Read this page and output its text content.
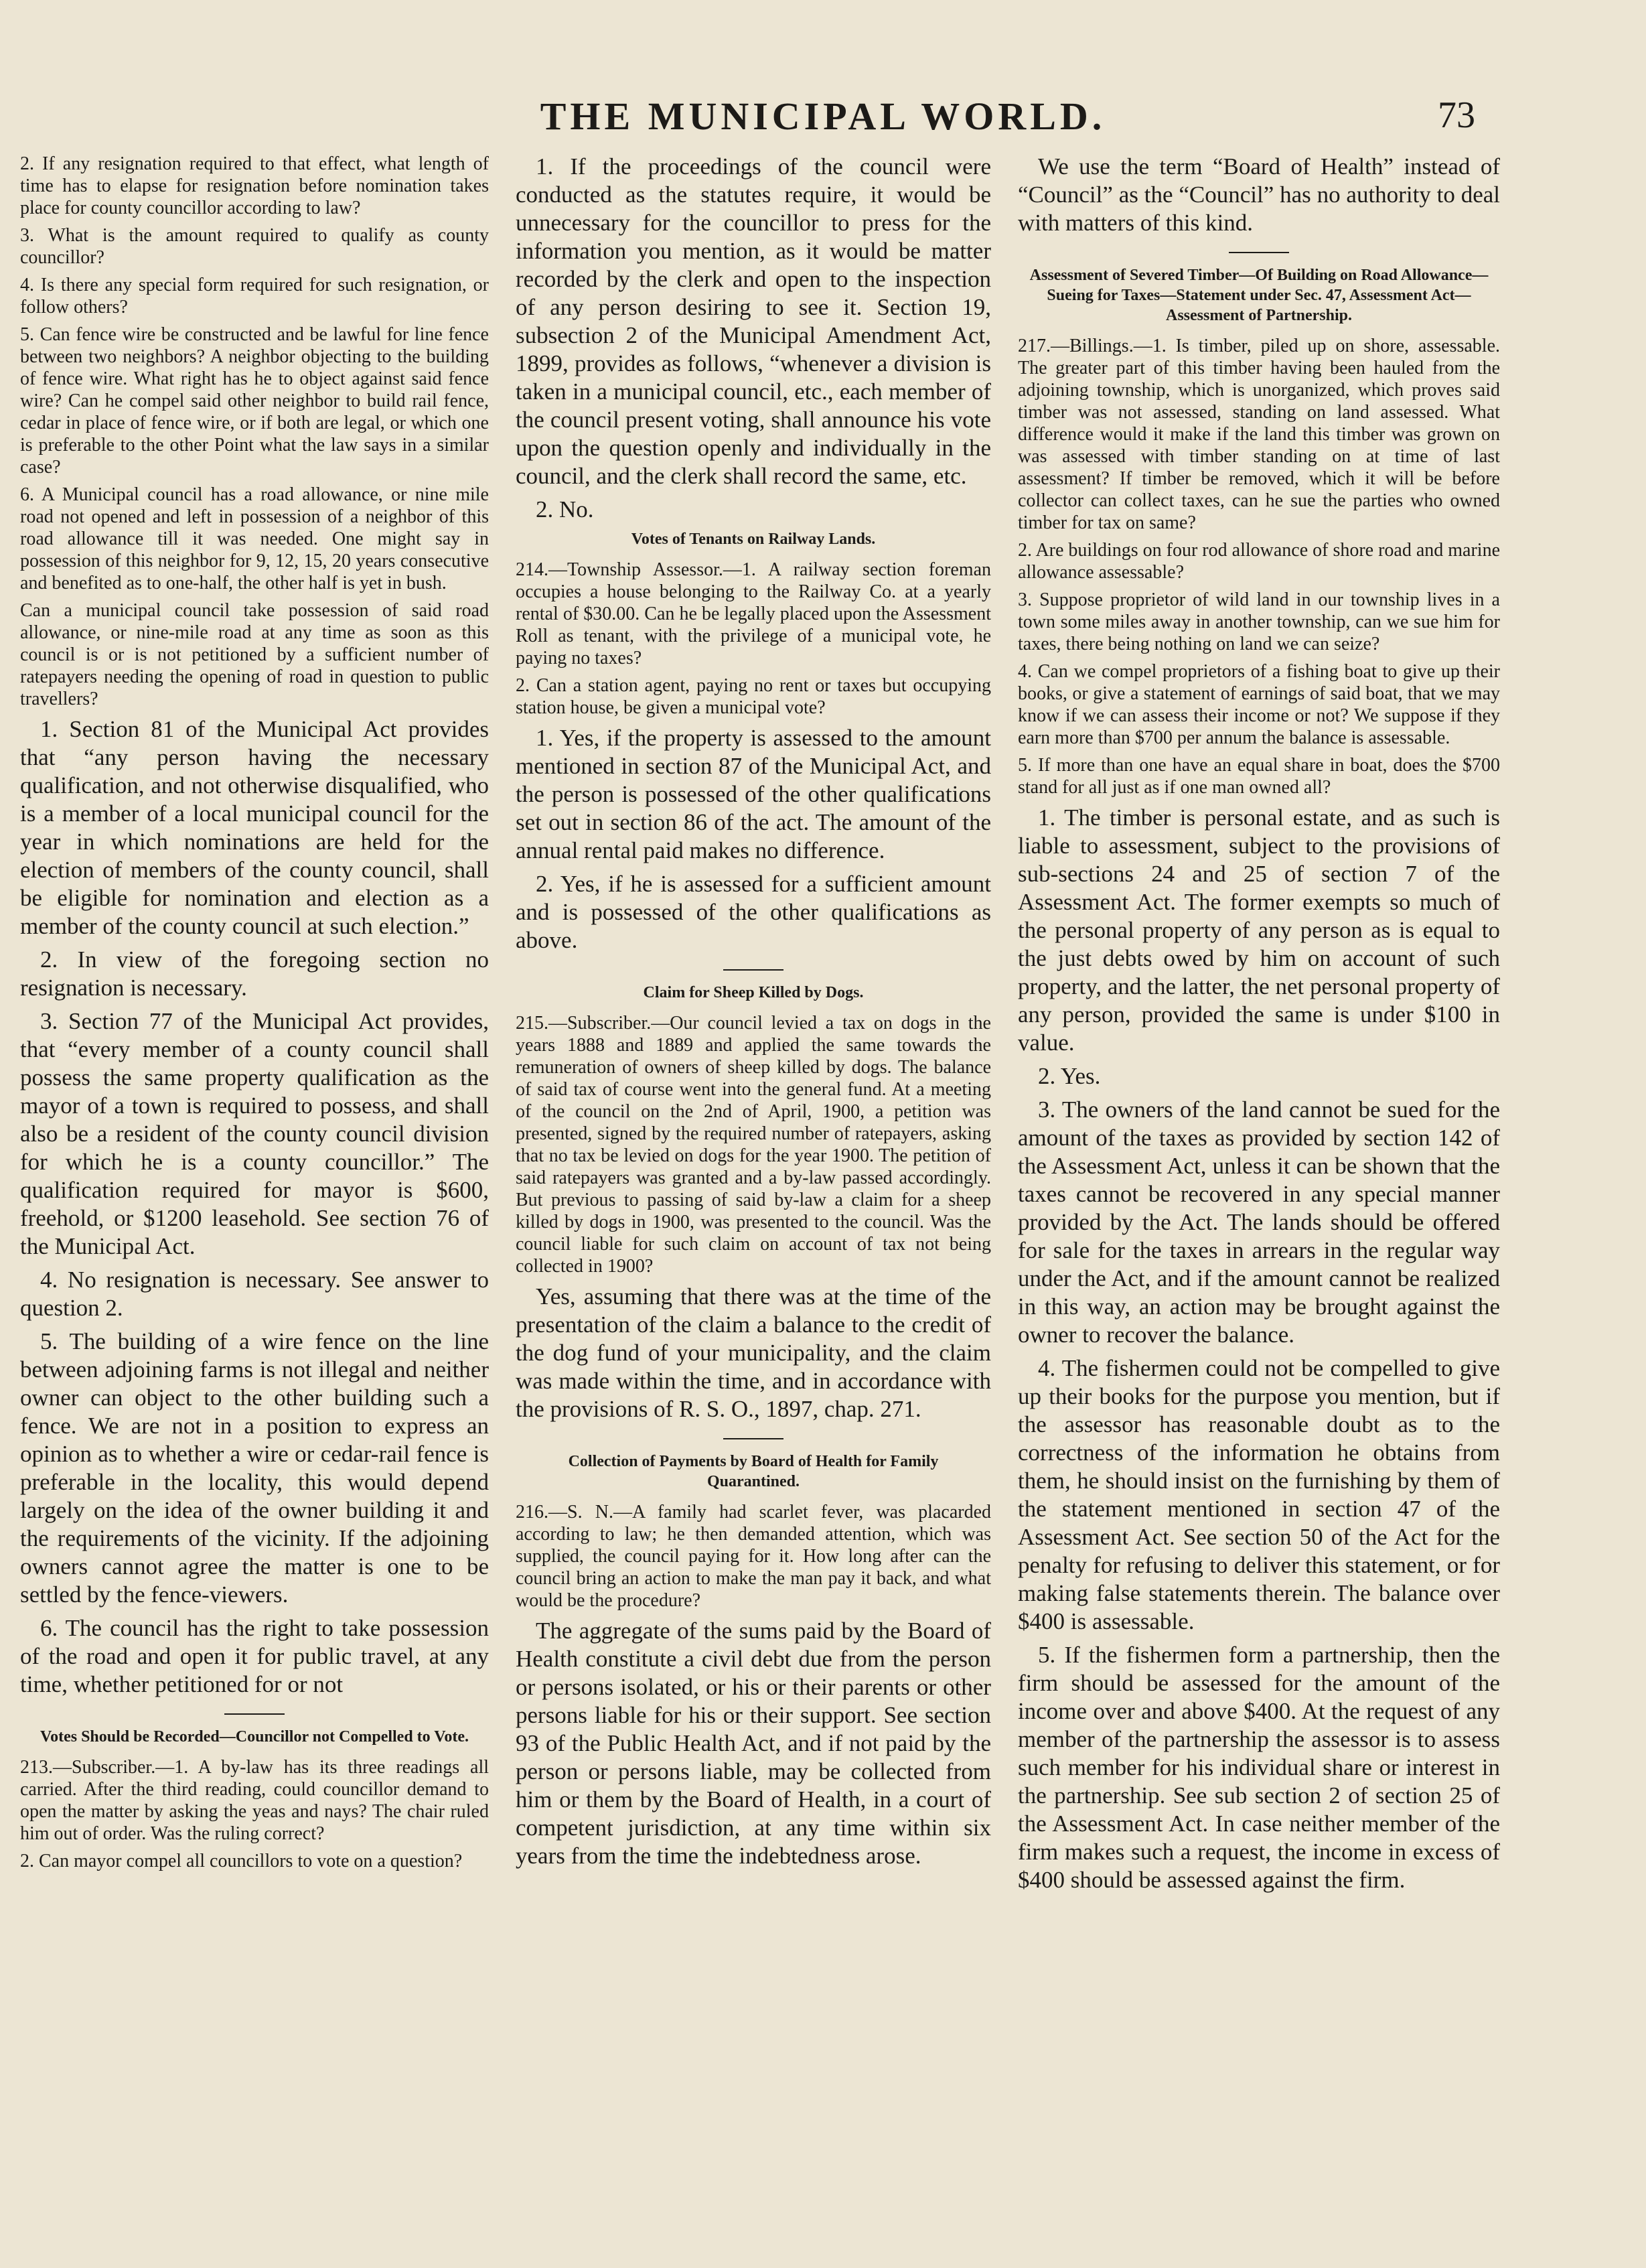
THE MUNICIPAL WORLD.	73

2. If any resignation required to that effect, what length of time has to elapse for resignation before nomination takes place for county councillor according to law?

3. What is the amount required to qualify as county councillor?

4. Is there any special form required for such resignation, or follow others?

5. Can fence wire be constructed and be lawful for line fence between two neighbors? A neighbor objecting to the building of fence wire. What right has he to object against said fence wire? Can he compel said other neighbor to build rail fence, cedar in place of fence wire, or if both are legal, or which one is preferable to the other Point what the law says in a similar case?

6. A Municipal council has a road allowance, or nine mile road not opened and left in possession of a neighbor of this road allowance till it was needed. One might say in possession of this neighbor for 9, 12, 15, 20 years consecutive and benefited as to one-half, the other half is yet in bush.

Can a municipal council take possession of said road allowance, or nine-mile road at any time as soon as this council is or is not petitioned by a sufficient number of ratepayers needing the opening of road in question to public travellers?

1. Section 81 of the Municipal Act provides that “any person having the necessary qualification, and not otherwise disqualified, who is a member of a local municipal council for the year in which nominations are held for the election of members of the county council, shall be eligible for nomination and election as a member of the county council at such election.”

2. In view of the foregoing section no resignation is necessary.

3. Section 77 of the Municipal Act provides, that “every member of a county council shall possess the same property qualification as the mayor of a town is required to possess, and shall also be a resident of the county council division for which he is a county councillor.” The qualification required for mayor is $600, freehold, or $1200 leasehold. See section 76 of the Municipal Act.

4. No resignation is necessary. See answer to question 2.

5. The building of a wire fence on the line between adjoining farms is not illegal and neither owner can object to the other building such a fence. We are not in a position to express an opinion as to whether a wire or cedar-rail fence is preferable in the locality, this would depend largely on the idea of the owner building it and the requirements of the vicinity. If the adjoining owners cannot agree the matter is one to be settled by the fence-viewers.

6. The council has the right to take possession of the road and open it for public travel, at any time, whether petitioned for or not

Votes Should be Recorded—Councillor not Compelled to Vote.

213.—Subscriber.—1. A by-law has its three readings all carried. After the third reading, could councillor demand to open the matter by asking the yeas and nays? The chair ruled him out of order. Was the ruling correct?

2. Can mayor compel all councillors to vote on a question?

1. If the proceedings of the council were conducted as the statutes require, it would be unnecessary for the councillor to press for the information you mention, as it would be matter recorded by the clerk and open to the inspection of any person desiring to see it. Section 19, subsection 2 of the Municipal Amendment Act, 1899, provides as follows, “whenever a division is taken in a municipal council, etc., each member of the council present voting, shall announce his vote upon the question openly and individually in the council, and the clerk shall record the same, etc.

2. No.

Votes of Tenants on Railway Lands.

214.—Township Assessor.—1. A railway section foreman occupies a house belonging to the Railway Co. at a yearly rental of $30.00. Can he be legally placed upon the Assessment Roll as tenant, with the privilege of a municipal vote, he paying no taxes?

2. Can a station agent, paying no rent or taxes but occupying station house, be given a municipal vote?

1. Yes, if the property is assessed to the amount mentioned in section 87 of the Municipal Act, and the person is possessed of the other qualifications set out in section 86 of the act. The amount of the annual rental paid makes no difference.

2. Yes, if he is assessed for a sufficient amount and is possessed of the other qualifications as above.

Claim for Sheep Killed by Dogs.

215.—Subscriber.—Our council levied a tax on dogs in the years 1888 and 1889 and applied the same towards the remuneration of owners of sheep killed by dogs. The balance of said tax of course went into the general fund. At a meeting of the council on the 2nd of April, 1900, a petition was presented, signed by the required number of ratepayers, asking that no tax be levied on dogs for the year 1900. The petition of said ratepayers was granted and a by-law passed accordingly. But previous to passing of said by-law a claim for a sheep killed by dogs in 1900, was presented to the council. Was the council liable for such claim on account of tax not being collected in 1900?

Yes, assuming that there was at the time of the presentation of the claim a balance to the credit of the dog fund of your municipality, and the claim was made within the time, and in accordance with the provisions of R. S. O., 1897, chap. 271.

Collection of Payments by Board of Health for Family Quarantined.

216.—S. N.—A family had scarlet fever, was placarded according to law; he then demanded attention, which was supplied, the council paying for it. How long after can the council bring an action to make the man pay it back, and what would be the procedure?

The aggregate of the sums paid by the Board of Health constitute a civil debt due from the person or persons isolated, or his or their parents or other persons liable for his or their support. See section 93 of the Public Health Act, and if not paid by the person or persons liable, may be collected from him or them by the Board of Health, in a court of competent jurisdiction, at any time within six years from the time the indebtedness arose.

We use the term “Board of Health” instead of “Council” as the “Council” has no authority to deal with matters of this kind.

Assessment of Severed Timber—Of Building on Road Allowance—Sueing for Taxes—Statement under Sec. 47, Assessment Act—Assessment of Partnership.

217.—Billings.—1. Is timber, piled up on shore, assessable. The greater part of this timber having been hauled from the adjoining township, which is unorganized, which proves said timber was not assessed, standing on land assessed. What difference would it make if the land this timber was grown on was assessed with timber standing on at time of last assessment? If timber be removed, which it will be before collector can collect taxes, can he sue the parties who owned timber for tax on same?

2. Are buildings on four rod allowance of shore road and marine allowance assessable?

3. Suppose proprietor of wild land in our township lives in a town some miles away in another township, can we sue him for taxes, there being nothing on land we can seize?

4. Can we compel proprietors of a fishing boat to give up their books, or give a statement of earnings of said boat, that we may know if we can assess their income or not? We suppose if they earn more than $700 per annum the balance is assessable.

5. If more than one have an equal share in boat, does the $700 stand for all just as if one man owned all?

1. The timber is personal estate, and as such is liable to assessment, subject to the provisions of sub-sections 24 and 25 of section 7 of the Assessment Act. The former exempts so much of the personal property of any person as is equal to the just debts owed by him on account of such property, and the latter, the net personal property of any person, provided the same is under $100 in value.

2. Yes.

3. The owners of the land cannot be sued for the amount of the taxes as provided by section 142 of the Assessment Act, unless it can be shown that the taxes cannot be recovered in any special manner provided by the Act. The lands should be offered for sale for the taxes in arrears in the regular way under the Act, and if the amount cannot be realized in this way, an action may be brought against the owner to recover the balance.

4. The fishermen could not be compelled to give up their books for the purpose you mention, but if the assessor has reasonable doubt as to the correctness of the information he obtains from them, he should insist on the furnishing by them of the statement mentioned in section 47 of the Assessment Act. See section 50 of the Act for the penalty for refusing to deliver this statement, or for making false statements therein. The balance over $400 is assessable.

5. If the fishermen form a partnership, then the firm should be assessed for the amount of the income over and above $400. At the request of any member of the partnership the assessor is to assess such member for his individual share or interest in the partnership. See sub section 2 of section 25 of the Assessment Act. In case neither member of the firm makes such a request, the income in excess of $400 should be assessed against the firm.
